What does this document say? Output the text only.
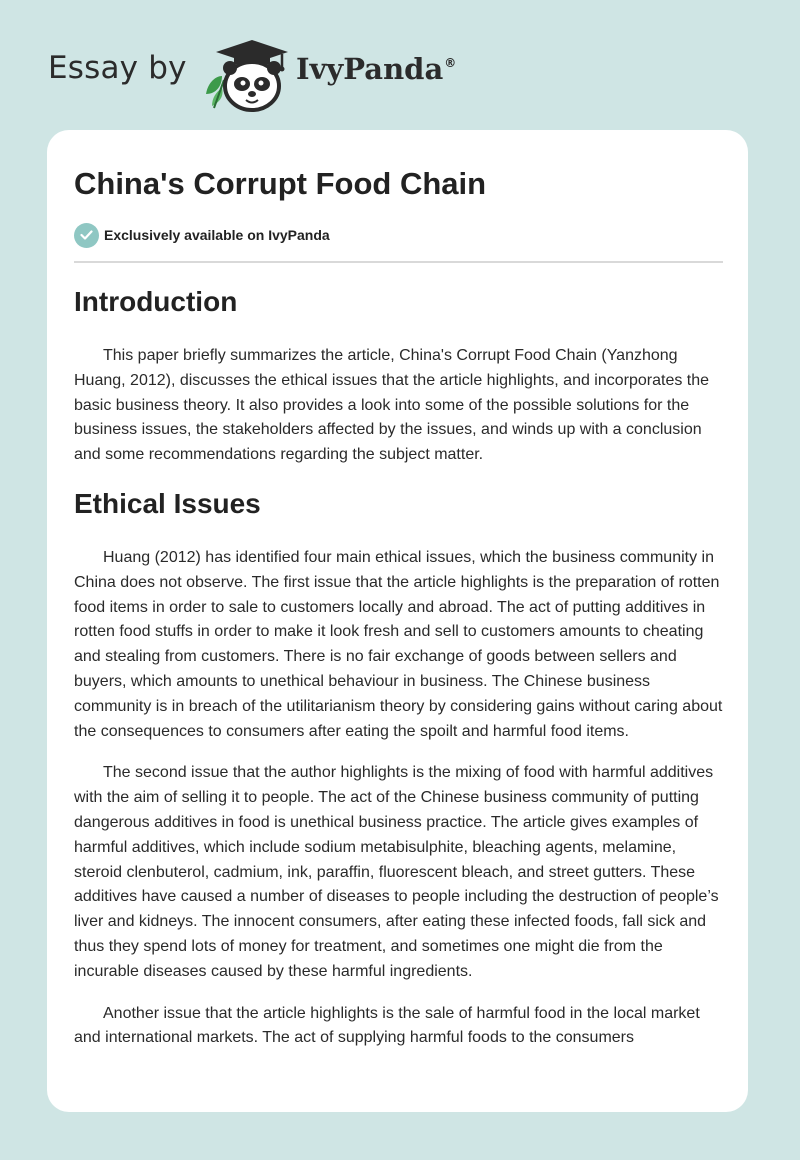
Essay by	IvyPanda®
China's Corrupt Food Chain
Exclusively available on IvyPanda
Introduction

This paper briefly summarizes the article, China's Corrupt Food Chain (Yanzhong Huang, 2012), discusses the ethical issues that the article highlights, and incorporates the basic business theory. It also provides a look into some of the possible solutions for the business issues, the stakeholders affected by the issues, and winds up with a conclusion and some recommendations regarding the subject matter.

Ethical Issues

Huang (2012) has identified four main ethical issues, which the business community in China does not observe. The first issue that the article highlights is the preparation of rotten food items in order to sale to customers locally and abroad. The act of putting additives in rotten food stuffs in order to make it look fresh and sell to customers amounts to cheating and stealing from customers. There is no fair exchange of goods between sellers and buyers, which amounts to unethical behaviour in business. The Chinese business community is in breach of the utilitarianism theory by considering gains without caring about the consequences to consumers after eating the spoilt and harmful food items.

The second issue that the author highlights is the mixing of food with harmful additives with the aim of selling it to people. The act of the Chinese business community of putting dangerous additives in food is unethical business practice. The article gives examples of harmful additives, which include sodium metabisulphite, bleaching agents, melamine, steroid clenbuterol, cadmium, ink, paraffin, fluorescent bleach, and street gutters. These additives have caused a number of diseases to people including the destruction of people’s liver and kidneys. The innocent consumers, after eating these infected foods, fall sick and thus they spend lots of money for treatment, and sometimes one might die from the incurable diseases caused by these harmful ingredients.

Another issue that the article highlights is the sale of harmful food in the local market and international markets. The act of supplying harmful foods to the consumers
